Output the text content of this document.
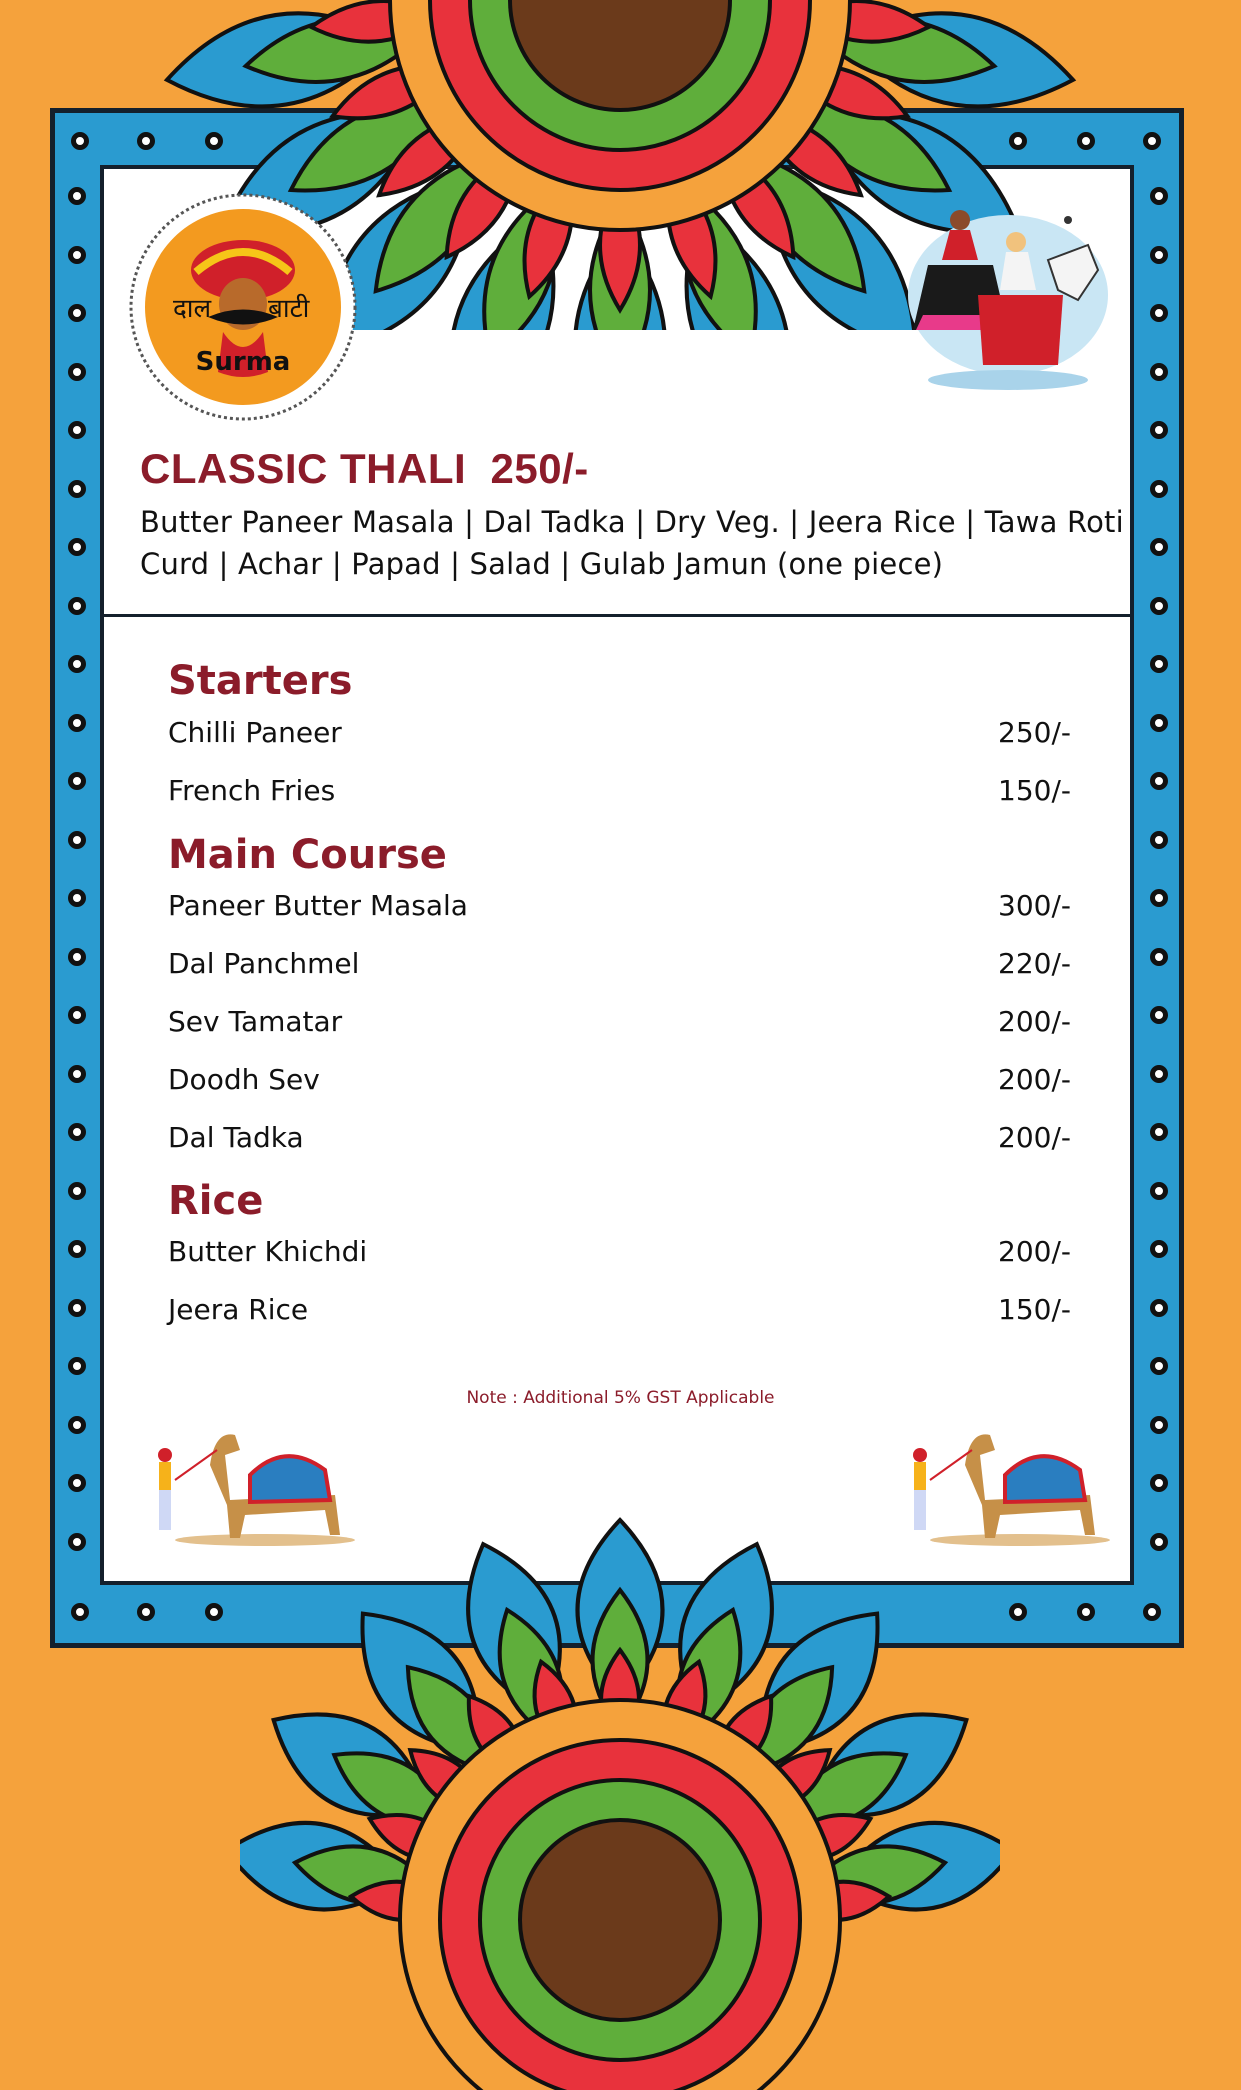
दाल बाटी
Surma
CLASSIC THALI  250/-
Butter Paneer Masala | Dal Tadka | Dry Veg. | Jeera Rice | Tawa Roti
Curd | Achar | Papad | Salad | Gulab Jamun (one piece)
Starters
Chilli Paneer	250/-
French Fries	150/-
Main Course
Paneer Butter Masala	300/-
Dal Panchmel	220/-
Sev Tamatar	200/-
Doodh Sev	200/-
Dal Tadka	200/-
Rice
Butter Khichdi	200/-
Jeera Rice	150/-
Note : Additional 5% GST Applicable
